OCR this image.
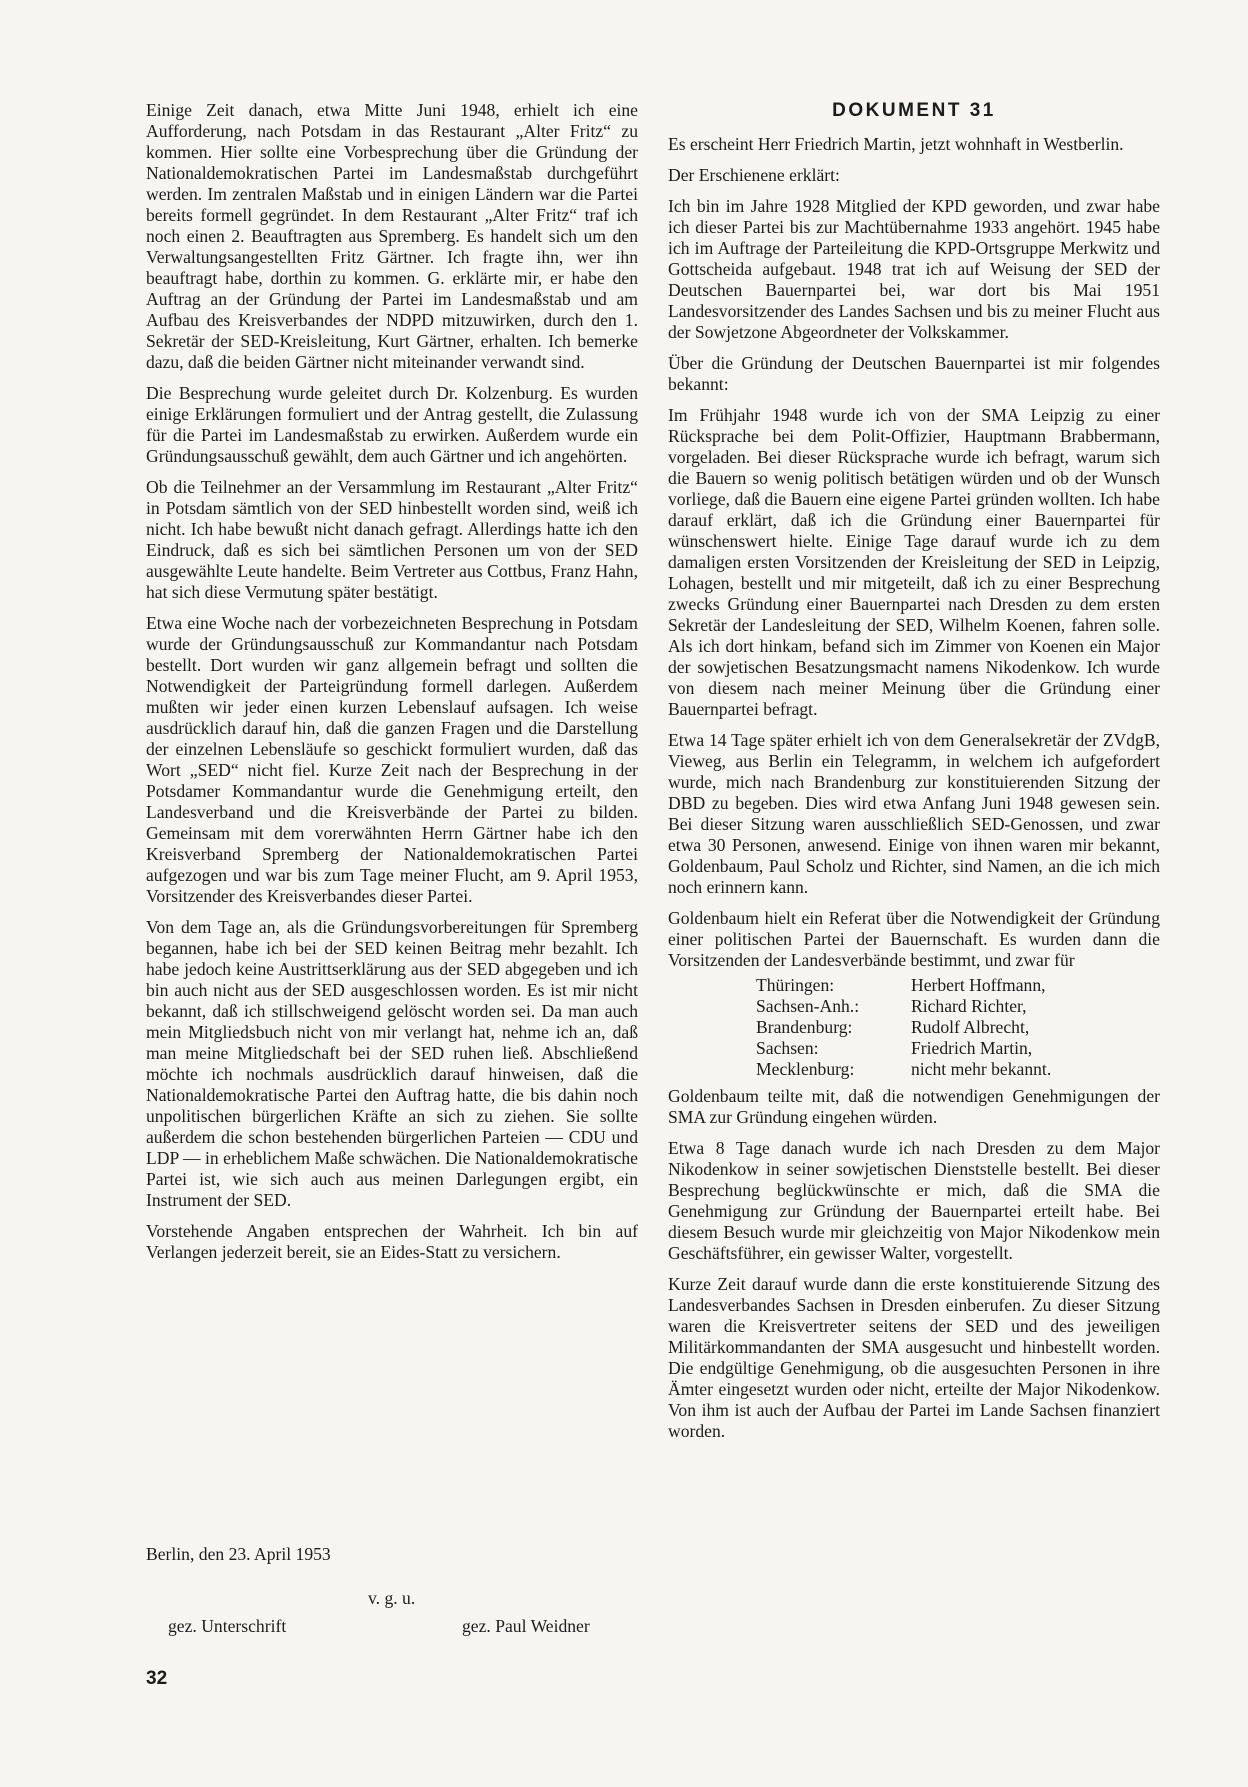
Einige Zeit danach, etwa Mitte Juni 1948, erhielt ich eine Aufforderung, nach Potsdam in das Restaurant „Alter Fritz“ zu kommen. Hier sollte eine Vorbesprechung über die Gründung der Nationaldemokratischen Partei im Landesmaßstab durchgeführt werden. Im zentralen Maßstab und in einigen Ländern war die Partei bereits formell gegründet. In dem Restaurant „Alter Fritz“ traf ich noch einen 2. Beauftragten aus Spremberg. Es handelt sich um den Verwaltungsangestellten Fritz Gärtner. Ich fragte ihn, wer ihn beauftragt habe, dorthin zu kommen. G. erklärte mir, er habe den Auftrag an der Gründung der Partei im Landesmaßstab und am Aufbau des Kreisverbandes der NDPD mitzuwirken, durch den 1. Sekretär der SED-Kreisleitung, Kurt Gärtner, erhalten. Ich bemerke dazu, daß die beiden Gärtner nicht miteinander verwandt sind.

Die Besprechung wurde geleitet durch Dr. Kolzenburg. Es wurden einige Erklärungen formuliert und der Antrag gestellt, die Zulassung für die Partei im Landesmaßstab zu erwirken. Außerdem wurde ein Gründungsausschuß gewählt, dem auch Gärtner und ich angehörten.

Ob die Teilnehmer an der Versammlung im Restaurant „Alter Fritz“ in Potsdam sämtlich von der SED hinbestellt worden sind, weiß ich nicht. Ich habe bewußt nicht danach gefragt. Allerdings hatte ich den Eindruck, daß es sich bei sämtlichen Personen um von der SED ausgewählte Leute handelte. Beim Vertreter aus Cottbus, Franz Hahn, hat sich diese Vermutung später bestätigt.

Etwa eine Woche nach der vorbezeichneten Besprechung in Potsdam wurde der Gründungsausschuß zur Kommandantur nach Potsdam bestellt. Dort wurden wir ganz allgemein befragt und sollten die Notwendigkeit der Parteigründung formell darlegen. Außerdem mußten wir jeder einen kurzen Lebenslauf aufsagen. Ich weise ausdrücklich darauf hin, daß die ganzen Fragen und die Darstellung der einzelnen Lebensläufe so geschickt formuliert wurden, daß das Wort „SED“ nicht fiel. Kurze Zeit nach der Besprechung in der Potsdamer Kommandantur wurde die Genehmigung erteilt, den Landesverband und die Kreisverbände der Partei zu bilden. Gemeinsam mit dem vorerwähnten Herrn Gärtner habe ich den Kreisverband Spremberg der Nationaldemokratischen Partei aufgezogen und war bis zum Tage meiner Flucht, am 9. April 1953, Vorsitzender des Kreisverbandes dieser Partei.

Von dem Tage an, als die Gründungsvorbereitungen für Spremberg begannen, habe ich bei der SED keinen Beitrag mehr bezahlt. Ich habe jedoch keine Austrittserklärung aus der SED abgegeben und ich bin auch nicht aus der SED ausgeschlossen worden. Es ist mir nicht bekannt, daß ich stillschweigend gelöscht worden sei. Da man auch mein Mitgliedsbuch nicht von mir verlangt hat, nehme ich an, daß man meine Mitgliedschaft bei der SED ruhen ließ. Abschließend möchte ich nochmals ausdrücklich darauf hinweisen, daß die Nationaldemokratische Partei den Auftrag hatte, die bis dahin noch unpolitischen bürgerlichen Kräfte an sich zu ziehen. Sie sollte außerdem die schon bestehenden bürgerlichen Parteien — CDU und LDP — in erheblichem Maße schwächen. Die Nationaldemokratische Partei ist, wie sich auch aus meinen Darlegungen ergibt, ein Instrument der SED.

Vorstehende Angaben entsprechen der Wahrheit. Ich bin auf Verlangen jederzeit bereit, sie an Eides-Statt zu versichern.

Berlin, den 23. April 1953
v. g. u.
gez. Unterschrift	gez. Paul Weidner
32
DOKUMENT 31

Es erscheint Herr Friedrich Martin, jetzt wohnhaft in Westberlin.

Der Erschienene erklärt:

Ich bin im Jahre 1928 Mitglied der KPD geworden, und zwar habe ich dieser Partei bis zur Machtübernahme 1933 angehört. 1945 habe ich im Auftrage der Parteileitung die KPD-Ortsgruppe Merkwitz und Gottscheida aufgebaut. 1948 trat ich auf Weisung der SED der Deutschen Bauernpartei bei, war dort bis Mai 1951 Landesvorsitzender des Landes Sachsen und bis zu meiner Flucht aus der Sowjetzone Abgeordneter der Volkskammer.

Über die Gründung der Deutschen Bauernpartei ist mir folgendes bekannt:

Im Frühjahr 1948 wurde ich von der SMA Leipzig zu einer Rücksprache bei dem Polit-Offizier, Hauptmann Brabbermann, vorgeladen. Bei dieser Rücksprache wurde ich befragt, warum sich die Bauern so wenig politisch betätigen würden und ob der Wunsch vorliege, daß die Bauern eine eigene Partei gründen wollten. Ich habe darauf erklärt, daß ich die Gründung einer Bauernpartei für wünschenswert hielte. Einige Tage darauf wurde ich zu dem damaligen ersten Vorsitzenden der Kreisleitung der SED in Leipzig, Lohagen, bestellt und mir mitgeteilt, daß ich zu einer Besprechung zwecks Gründung einer Bauernpartei nach Dresden zu dem ersten Sekretär der Landesleitung der SED, Wilhelm Koenen, fahren solle. Als ich dort hinkam, befand sich im Zimmer von Koenen ein Major der sowjetischen Besatzungsmacht namens Nikodenkow. Ich wurde von diesem nach meiner Meinung über die Gründung einer Bauernpartei befragt.

Etwa 14 Tage später erhielt ich von dem Generalsekretär der ZVdgB, Vieweg, aus Berlin ein Telegramm, in welchem ich aufgefordert wurde, mich nach Brandenburg zur konstituierenden Sitzung der DBD zu begeben. Dies wird etwa Anfang Juni 1948 gewesen sein. Bei dieser Sitzung waren ausschließlich SED-Genossen, und zwar etwa 30 Personen, anwesend. Einige von ihnen waren mir bekannt, Goldenbaum, Paul Scholz und Richter, sind Namen, an die ich mich noch erinnern kann.

Goldenbaum hielt ein Referat über die Notwendigkeit der Gründung einer politischen Partei der Bauernschaft. Es wurden dann die Vorsitzenden der Landesverbände bestimmt, und zwar für

Thüringen:	Herbert Hoffmann,
Sachsen-Anh.:	Richard Richter,
Brandenburg:	Rudolf Albrecht,
Sachsen:	Friedrich Martin,
Mecklenburg:	nicht mehr bekannt.

Goldenbaum teilte mit, daß die notwendigen Genehmigungen der SMA zur Gründung eingehen würden.

Etwa 8 Tage danach wurde ich nach Dresden zu dem Major Nikodenkow in seiner sowjetischen Dienststelle bestellt. Bei dieser Besprechung beglückwünschte er mich, daß die SMA die Genehmigung zur Gründung der Bauernpartei erteilt habe. Bei diesem Besuch wurde mir gleichzeitig von Major Nikodenkow mein Geschäftsführer, ein gewisser Walter, vorgestellt.

Kurze Zeit darauf wurde dann die erste konstituierende Sitzung des Landesverbandes Sachsen in Dresden einberufen. Zu dieser Sitzung waren die Kreisvertreter seitens der SED und des jeweiligen Militärkommandanten der SMA ausgesucht und hinbestellt worden. Die endgültige Genehmigung, ob die ausgesuchten Personen in ihre Ämter eingesetzt wurden oder nicht, erteilte der Major Nikodenkow. Von ihm ist auch der Aufbau der Partei im Lande Sachsen finanziert worden.
